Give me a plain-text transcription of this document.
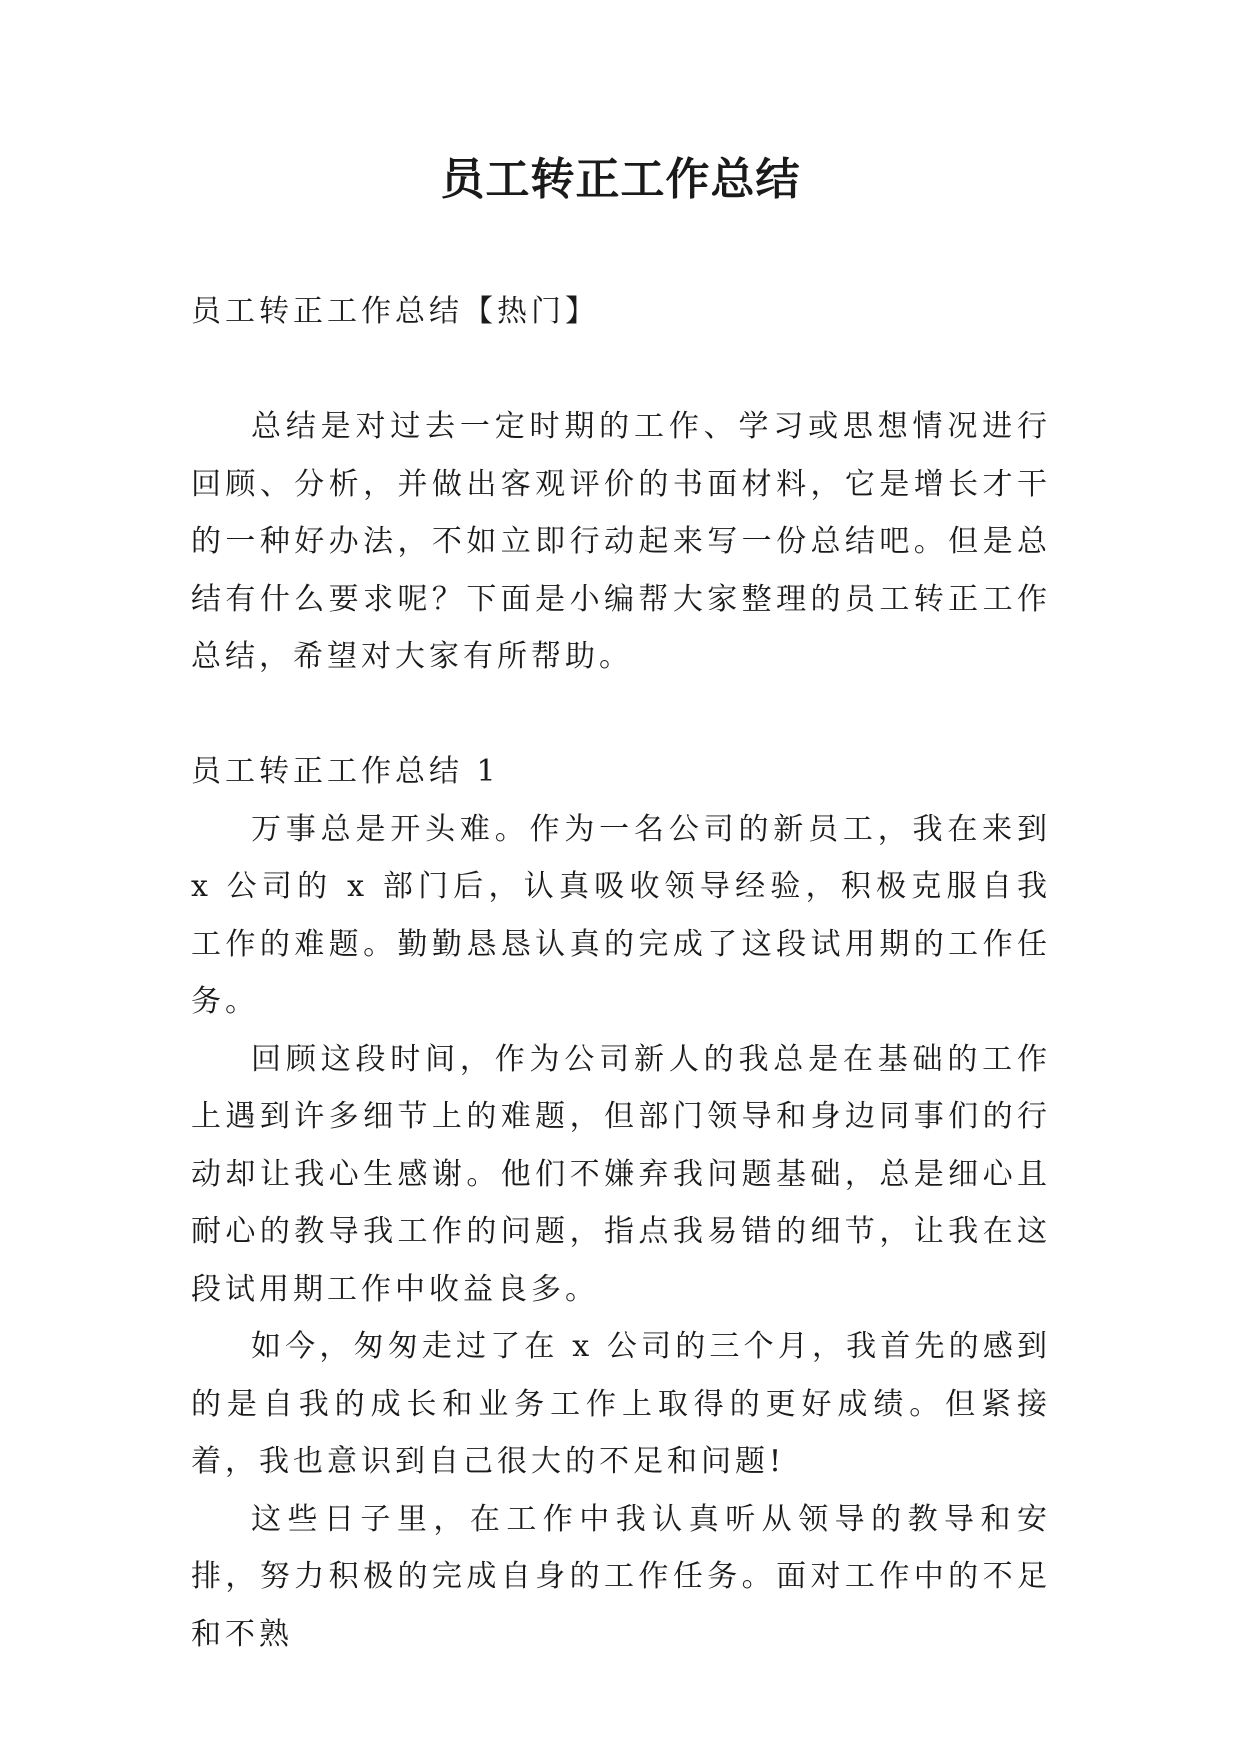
员工转正工作总结

员工转正工作总结【热门】

总结是对过去一定时期的工作、学习或思想情况进行回顾、分析，并做出客观评价的书面材料，它是增长才干的一种好办法，不如立即行动起来写一份总结吧。但是总结有什么要求呢？下面是小编帮大家整理的员工转正工作总结，希望对大家有所帮助。

员工转正工作总结 1

万事总是开头难。作为一名公司的新员工，我在来到 x 公司的 x 部门后，认真吸收领导经验，积极克服自我工作的难题。勤勤恳恳认真的完成了这段试用期的工作任务。

回顾这段时间，作为公司新人的我总是在基础的工作上遇到许多细节上的难题，但部门领导和身边同事们的行动却让我心生感谢。他们不嫌弃我问题基础，总是细心且耐心的教导我工作的问题，指点我易错的细节，让我在这段试用期工作中收益良多。

如今，匆匆走过了在 x 公司的三个月，我首先的感到的是自我的成长和业务工作上取得的更好成绩。但紧接着，我也意识到自己很大的不足和问题!

这些日子里，在工作中我认真听从领导的教导和安排，努力积极的完成自身的工作任务。面对工作中的不足和不熟
